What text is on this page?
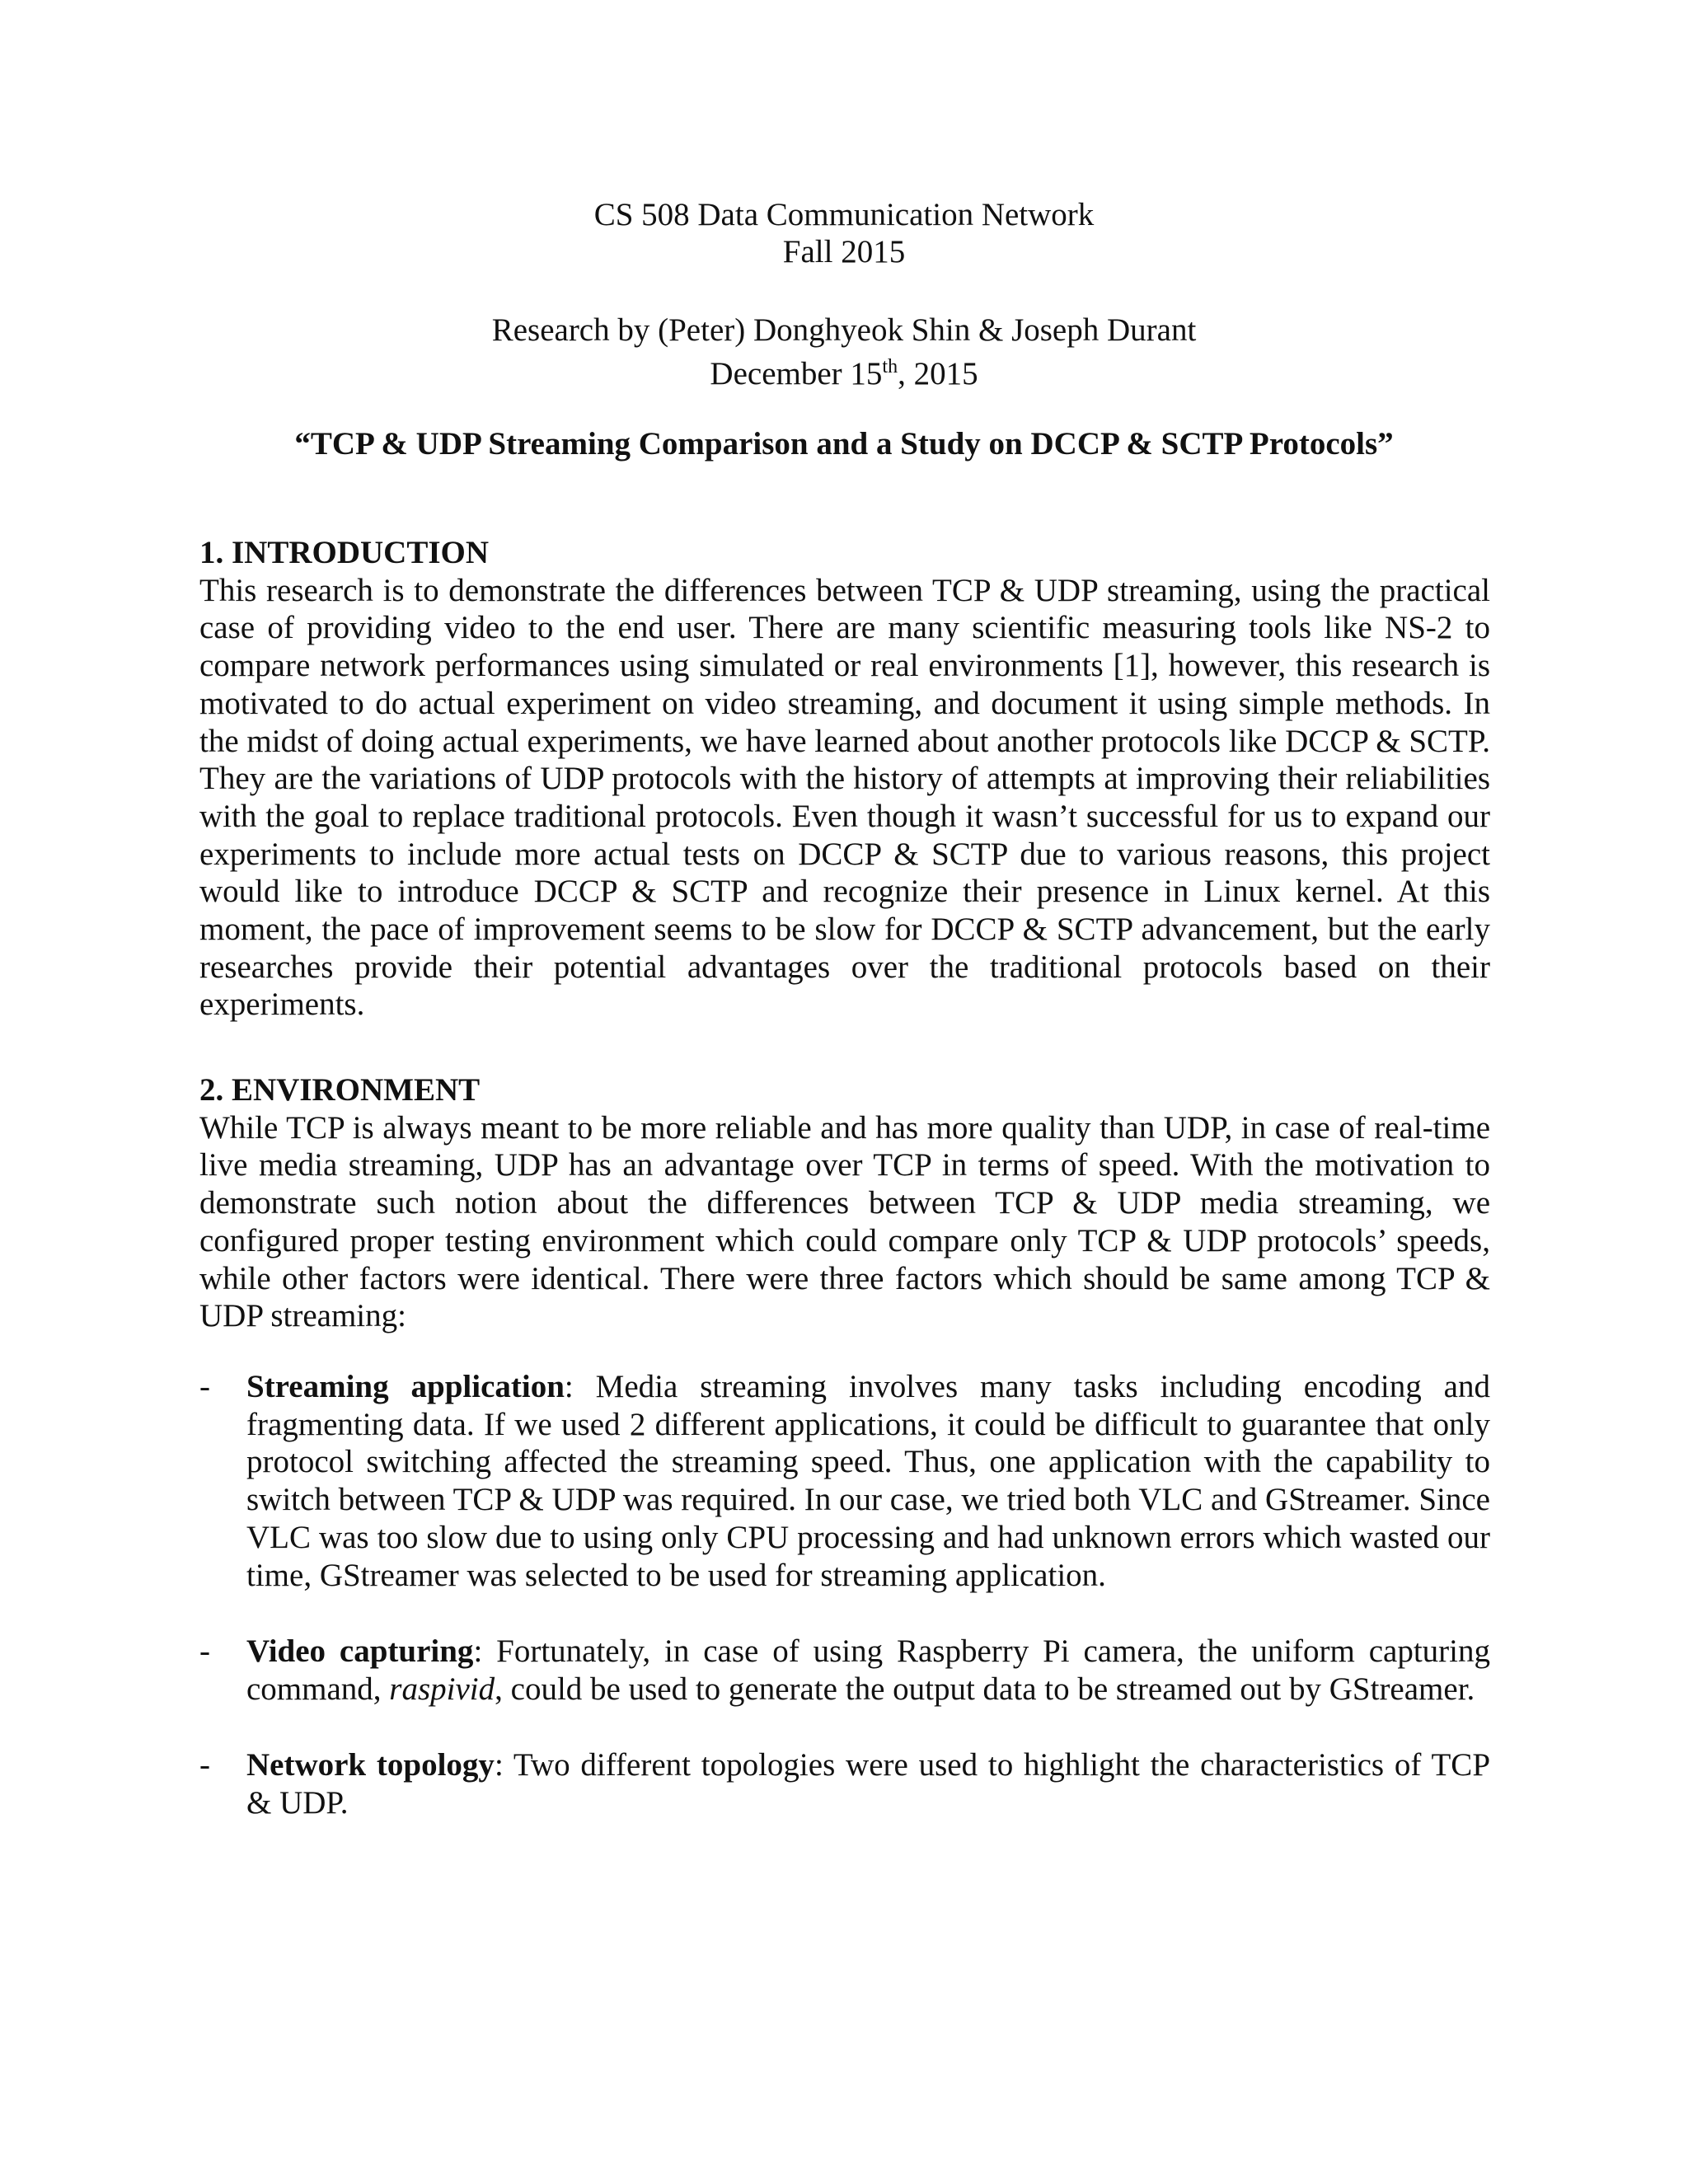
CS 508 Data Communication Network
Fall 2015
Research by (Peter) Donghyeok Shin & Joseph Durant
December 15th, 2015
“TCP & UDP Streaming Comparison and a Study on DCCP & SCTP Protocols”
1. INTRODUCTION

This research is to demonstrate the differences between TCP & UDP streaming, using the practical case of providing video to the end user. There are many scientific measuring tools like NS-2 to compare network performances using simulated or real environments [1], however, this research is motivated to do actual experiment on video streaming, and document it using simple methods. In the midst of doing actual experiments, we have learned about another protocols like DCCP & SCTP. They are the variations of UDP protocols with the history of attempts at improving their reliabilities with the goal to replace traditional protocols. Even though it wasn’t successful for us to expand our experiments to include more actual tests on DCCP & SCTP due to various reasons, this project would like to introduce DCCP & SCTP and recognize their presence in Linux kernel. At this moment, the pace of improvement seems to be slow for DCCP & SCTP advancement, but the early researches provide their potential advantages over the traditional protocols based on their experiments.

2. ENVIRONMENT

While TCP is always meant to be more reliable and has more quality than UDP, in case of real-time live media streaming, UDP has an advantage over TCP in terms of speed. With the motivation to demonstrate such notion about the differences between TCP & UDP media streaming, we configured proper testing environment which could compare only TCP & UDP protocols’ speeds, while other factors were identical. There were three factors which should be same among TCP & UDP streaming:

-	Streaming application: Media streaming involves many tasks including encoding and fragmenting data. If we used 2 different applications, it could be difficult to guarantee that only protocol switching affected the streaming speed. Thus, one application with the capability to switch between TCP & UDP was required. In our case, we tried both VLC and GStreamer. Since VLC was too slow due to using only CPU processing and had unknown errors which wasted our time, GStreamer was selected to be used for streaming application.
-	Video capturing: Fortunately, in case of using Raspberry Pi camera, the uniform capturing command, raspivid, could be used to generate the output data to be streamed out by GStreamer.
-	Network topology: Two different topologies were used to highlight the characteristics of TCP & UDP.
